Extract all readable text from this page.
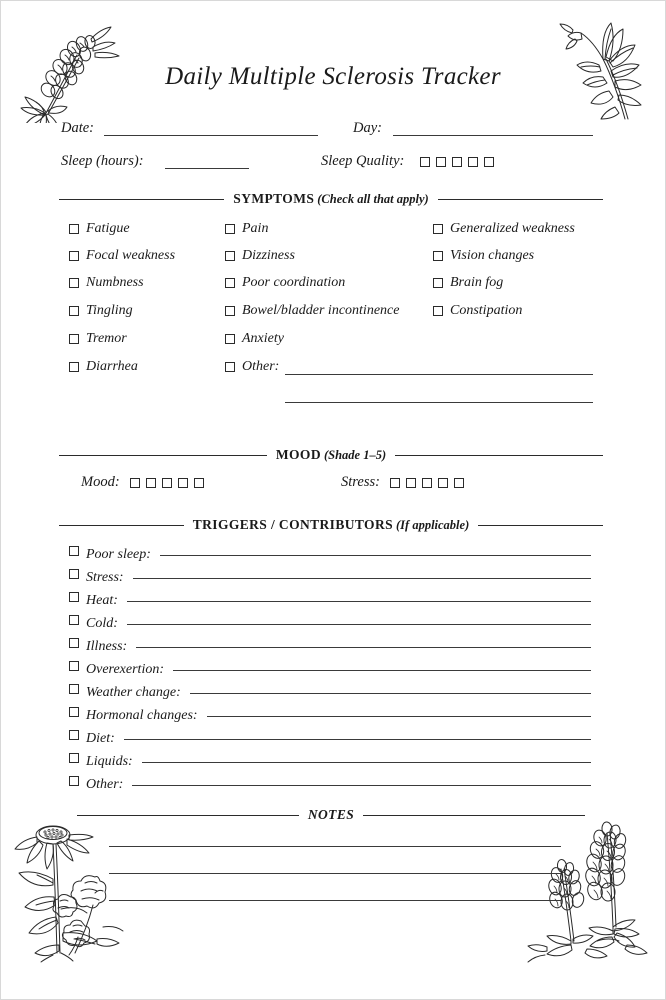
Daily Multiple Sclerosis Tracker
Date:	Day:
Sleep (hours):	Sleep Quality:
SYMPTOMS (Check all that apply)
Fatigue
Focal weakness
Numbness
Tingling
Tremor
Diarrhea
Pain
Dizziness
Poor coordination
Bowel/bladder incontinence
Anxiety
Other:
Generalized weakness
Vision changes
Brain fog
Constipation
MOOD (Shade 1–5)
Mood:	Stress:
TRIGGERS / CONTRIBUTORS (If applicable)
Poor sleep:
Stress:
Heat:
Cold:
Illness:
Overexertion:
Weather change:
Hormonal changes:
Diet:
Liquids:
Other:
NOTES
